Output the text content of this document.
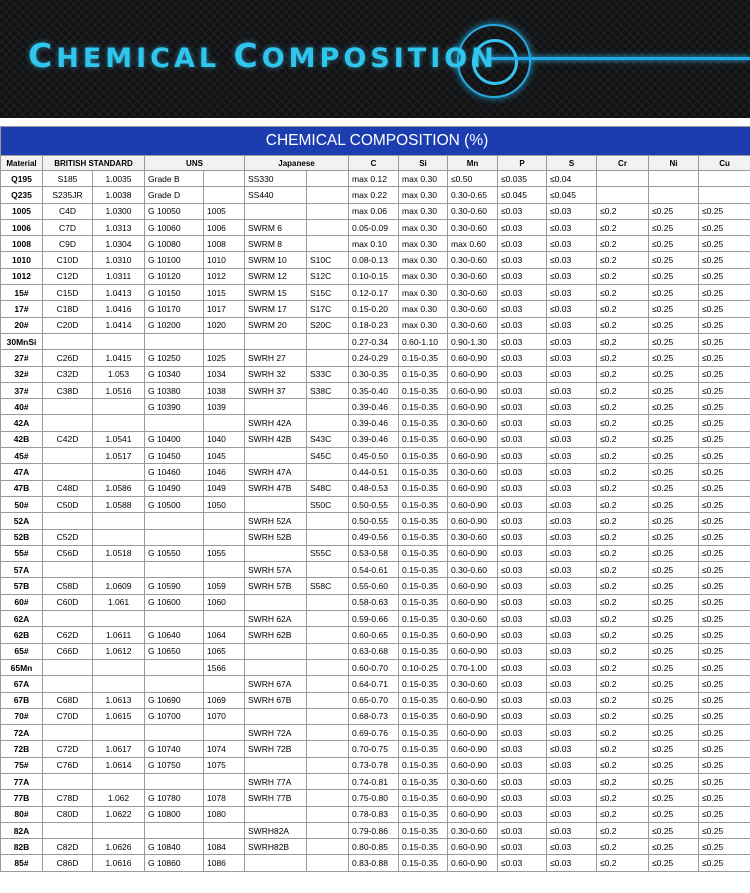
CHEMICAL COMPOSITION
CHEMICAL COMPOSITION (%)														
Material	BRITISH STANDARD		UNS		Japanese		C	Si	Mn	P	S	Cr	Ni	Cu
Q195	S185	1.0035	Grade B		SS330		max 0.12	max 0.30	≤0.50	≤0.035	≤0.04			
Q235	S235JR	1.0038	Grade D		SS440		max 0.22	max 0.30	0.30-0.65	≤0.045	≤0.045			
1005	C4D	1.0300	G 10050	1005			max 0.06	max 0.30	0.30-0.60	≤0.03	≤0.03	≤0.2	≤0.25	≤0.25
1006	C7D	1.0313	G 10060	1006	SWRM 6		0.05-0.09	max 0.30	0.30-0.60	≤0.03	≤0.03	≤0.2	≤0.25	≤0.25
1008	C9D	1.0304	G 10080	1008	SWRM 8		max 0.10	max 0.30	max 0.60	≤0.03	≤0.03	≤0.2	≤0.25	≤0.25
1010	C10D	1.0310	G 10100	1010	SWRM 10	S10C	0.08-0.13	max 0.30	0.30-0.60	≤0.03	≤0.03	≤0.2	≤0.25	≤0.25
1012	C12D	1.0311	G 10120	1012	SWRM 12	S12C	0.10-0.15	max 0.30	0.30-0.60	≤0.03	≤0.03	≤0.2	≤0.25	≤0.25
15#	C15D	1.0413	G 10150	1015	SWRM 15	S15C	0.12-0.17	max 0.30	0.30-0.60	≤0.03	≤0.03	≤0.2	≤0.25	≤0.25
17#	C18D	1.0416	G 10170	1017	SWRM 17	S17C	0.15-0.20	max 0.30	0.30-0.60	≤0.03	≤0.03	≤0.2	≤0.25	≤0.25
20#	C20D	1.0414	G 10200	1020	SWRM 20	S20C	0.18-0.23	max 0.30	0.30-0.60	≤0.03	≤0.03	≤0.2	≤0.25	≤0.25
30MnSi							0.27-0.34	0.60-1.10	0.90-1.30	≤0.03	≤0.03	≤0.2	≤0.25	≤0.25
27#	C26D	1.0415	G 10250	1025	SWRH 27		0.24-0.29	0.15-0.35	0.60-0.90	≤0.03	≤0.03	≤0.2	≤0.25	≤0.25
32#	C32D	1.053	G 10340	1034	SWRH 32	S33C	0.30-0.35	0.15-0.35	0.60-0.90	≤0.03	≤0.03	≤0.2	≤0.25	≤0.25
37#	C38D	1.0516	G 10380	1038	SWRH 37	S38C	0.35-0.40	0.15-0.35	0.60-0.90	≤0.03	≤0.03	≤0.2	≤0.25	≤0.25
40#			G 10390	1039			0.39-0.46	0.15-0.35	0.60-0.90	≤0.03	≤0.03	≤0.2	≤0.25	≤0.25
42A					SWRH 42A		0.39-0.46	0.15-0.35	0.30-0.60	≤0.03	≤0.03	≤0.2	≤0.25	≤0.25
42B	C42D	1.0541	G 10400	1040	SWRH 42B	S43C	0.39-0.46	0.15-0.35	0.60-0.90	≤0.03	≤0.03	≤0.2	≤0.25	≤0.25
45#		1.0517	G 10450	1045		S45C	0.45-0.50	0.15-0.35	0.60-0.90	≤0.03	≤0.03	≤0.2	≤0.25	≤0.25
47A			G 10460	1046	SWRH 47A		0.44-0.51	0.15-0.35	0.30-0.60	≤0.03	≤0.03	≤0.2	≤0.25	≤0.25
47B	C48D	1.0586	G 10490	1049	SWRH 47B	S48C	0.48-0.53	0.15-0.35	0.60-0.90	≤0.03	≤0.03	≤0.2	≤0.25	≤0.25
50#	C50D	1.0588	G 10500	1050		S50C	0.50-0.55	0.15-0.35	0.60-0.90	≤0.03	≤0.03	≤0.2	≤0.25	≤0.25
52A					SWRH 52A		0.50-0.55	0.15-0.35	0.60-0.90	≤0.03	≤0.03	≤0.2	≤0.25	≤0.25
52B	C52D				SWRH 52B		0.49-0.56	0.15-0.35	0.30-0.60	≤0.03	≤0.03	≤0.2	≤0.25	≤0.25
55#	C56D	1.0518	G 10550	1055		S55C	0.53-0.58	0.15-0.35	0.60-0.90	≤0.03	≤0.03	≤0.2	≤0.25	≤0.25
57A					SWRH 57A		0.54-0.61	0.15-0.35	0.30-0.60	≤0.03	≤0.03	≤0.2	≤0.25	≤0.25
57B	C58D	1.0609	G 10590	1059	SWRH 57B	S58C	0.55-0.60	0.15-0.35	0.60-0.90	≤0.03	≤0.03	≤0.2	≤0.25	≤0.25
60#	C60D	1.061	G 10600	1060			0.58-0.63	0.15-0.35	0.60-0.90	≤0.03	≤0.03	≤0.2	≤0.25	≤0.25
62A					SWRH 62A		0.59-0.66	0.15-0.35	0.30-0.60	≤0.03	≤0.03	≤0.2	≤0.25	≤0.25
62B	C62D	1.0611	G 10640	1064	SWRH 62B		0.60-0.65	0.15-0.35	0.60-0.90	≤0.03	≤0.03	≤0.2	≤0.25	≤0.25
65#	C66D	1.0612	G 10650	1065			0.63-0.68	0.15-0.35	0.60-0.90	≤0.03	≤0.03	≤0.2	≤0.25	≤0.25
65Mn				1566			0.60-0.70	0.10-0.25	0.70-1.00	≤0.03	≤0.03	≤0.2	≤0.25	≤0.25
67A					SWRH 67A		0.64-0.71	0.15-0.35	0.30-0.60	≤0.03	≤0.03	≤0.2	≤0.25	≤0.25
67B	C68D	1.0613	G 10690	1069	SWRH 67B		0.65-0.70	0.15-0.35	0.60-0.90	≤0.03	≤0.03	≤0.2	≤0.25	≤0.25
70#	C70D	1.0615	G 10700	1070			0.68-0.73	0.15-0.35	0.60-0.90	≤0.03	≤0.03	≤0.2	≤0.25	≤0.25
72A					SWRH 72A		0.69-0.76	0.15-0.35	0.60-0.90	≤0.03	≤0.03	≤0.2	≤0.25	≤0.25
72B	C72D	1.0617	G 10740	1074	SWRH 72B		0.70-0.75	0.15-0.35	0.60-0.90	≤0.03	≤0.03	≤0.2	≤0.25	≤0.25
75#	C76D	1.0614	G 10750	1075			0.73-0.78	0.15-0.35	0.60-0.90	≤0.03	≤0.03	≤0.2	≤0.25	≤0.25
77A					SWRH 77A		0.74-0.81	0.15-0.35	0.30-0.60	≤0.03	≤0.03	≤0.2	≤0.25	≤0.25
77B	C78D	1.062	G 10780	1078	SWRH 77B		0.75-0.80	0.15-0.35	0.60-0.90	≤0.03	≤0.03	≤0.2	≤0.25	≤0.25
80#	C80D	1.0622	G 10800	1080			0.78-0.83	0.15-0.35	0.60-0.90	≤0.03	≤0.03	≤0.2	≤0.25	≤0.25
82A					SWRH82A		0.79-0.86	0.15-0.35	0.30-0.60	≤0.03	≤0.03	≤0.2	≤0.25	≤0.25
82B	C82D	1.0626	G 10840	1084	SWRH82B		0.80-0.85	0.15-0.35	0.60-0.90	≤0.03	≤0.03	≤0.2	≤0.25	≤0.25
85#	C86D	1.0616	G 10860	1086			0.83-0.88	0.15-0.35	0.60-0.90	≤0.03	≤0.03	≤0.2	≤0.25	≤0.25
